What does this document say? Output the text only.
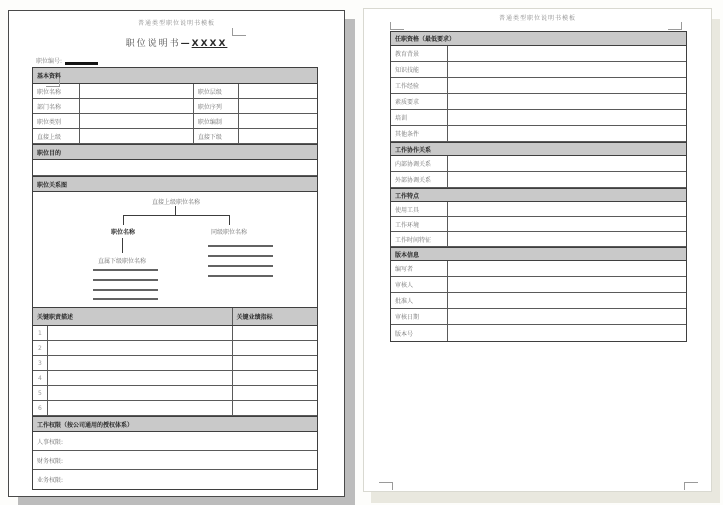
普通类型职位说明书模板
职位说明书—XXXX
职位编号:
基本资料
职位名称	职位层级
部门名称	职位序列
职位类别	职位编制
直接上级	直接下级
职位目的
职位关系图
直接上级职位名称
职位名称	同级职位名称
直属下级职位名称
关键职责描述	关键业绩指标
1
2
3
4
5
6
工作权限（按公司通用的授权体系）
人事权限:
财务权限:
业务权限:
普通类型职位说明书模板
任职资格（最低要求）
教育背景
知识技能
工作经验
素质要求
培训
其他条件
工作协作关系
内部协调关系
外部协调关系
工作特点
使用工具
工作环境
工作时间特征
版本信息
编写者
审核人
批准人
审核日期
版本号
